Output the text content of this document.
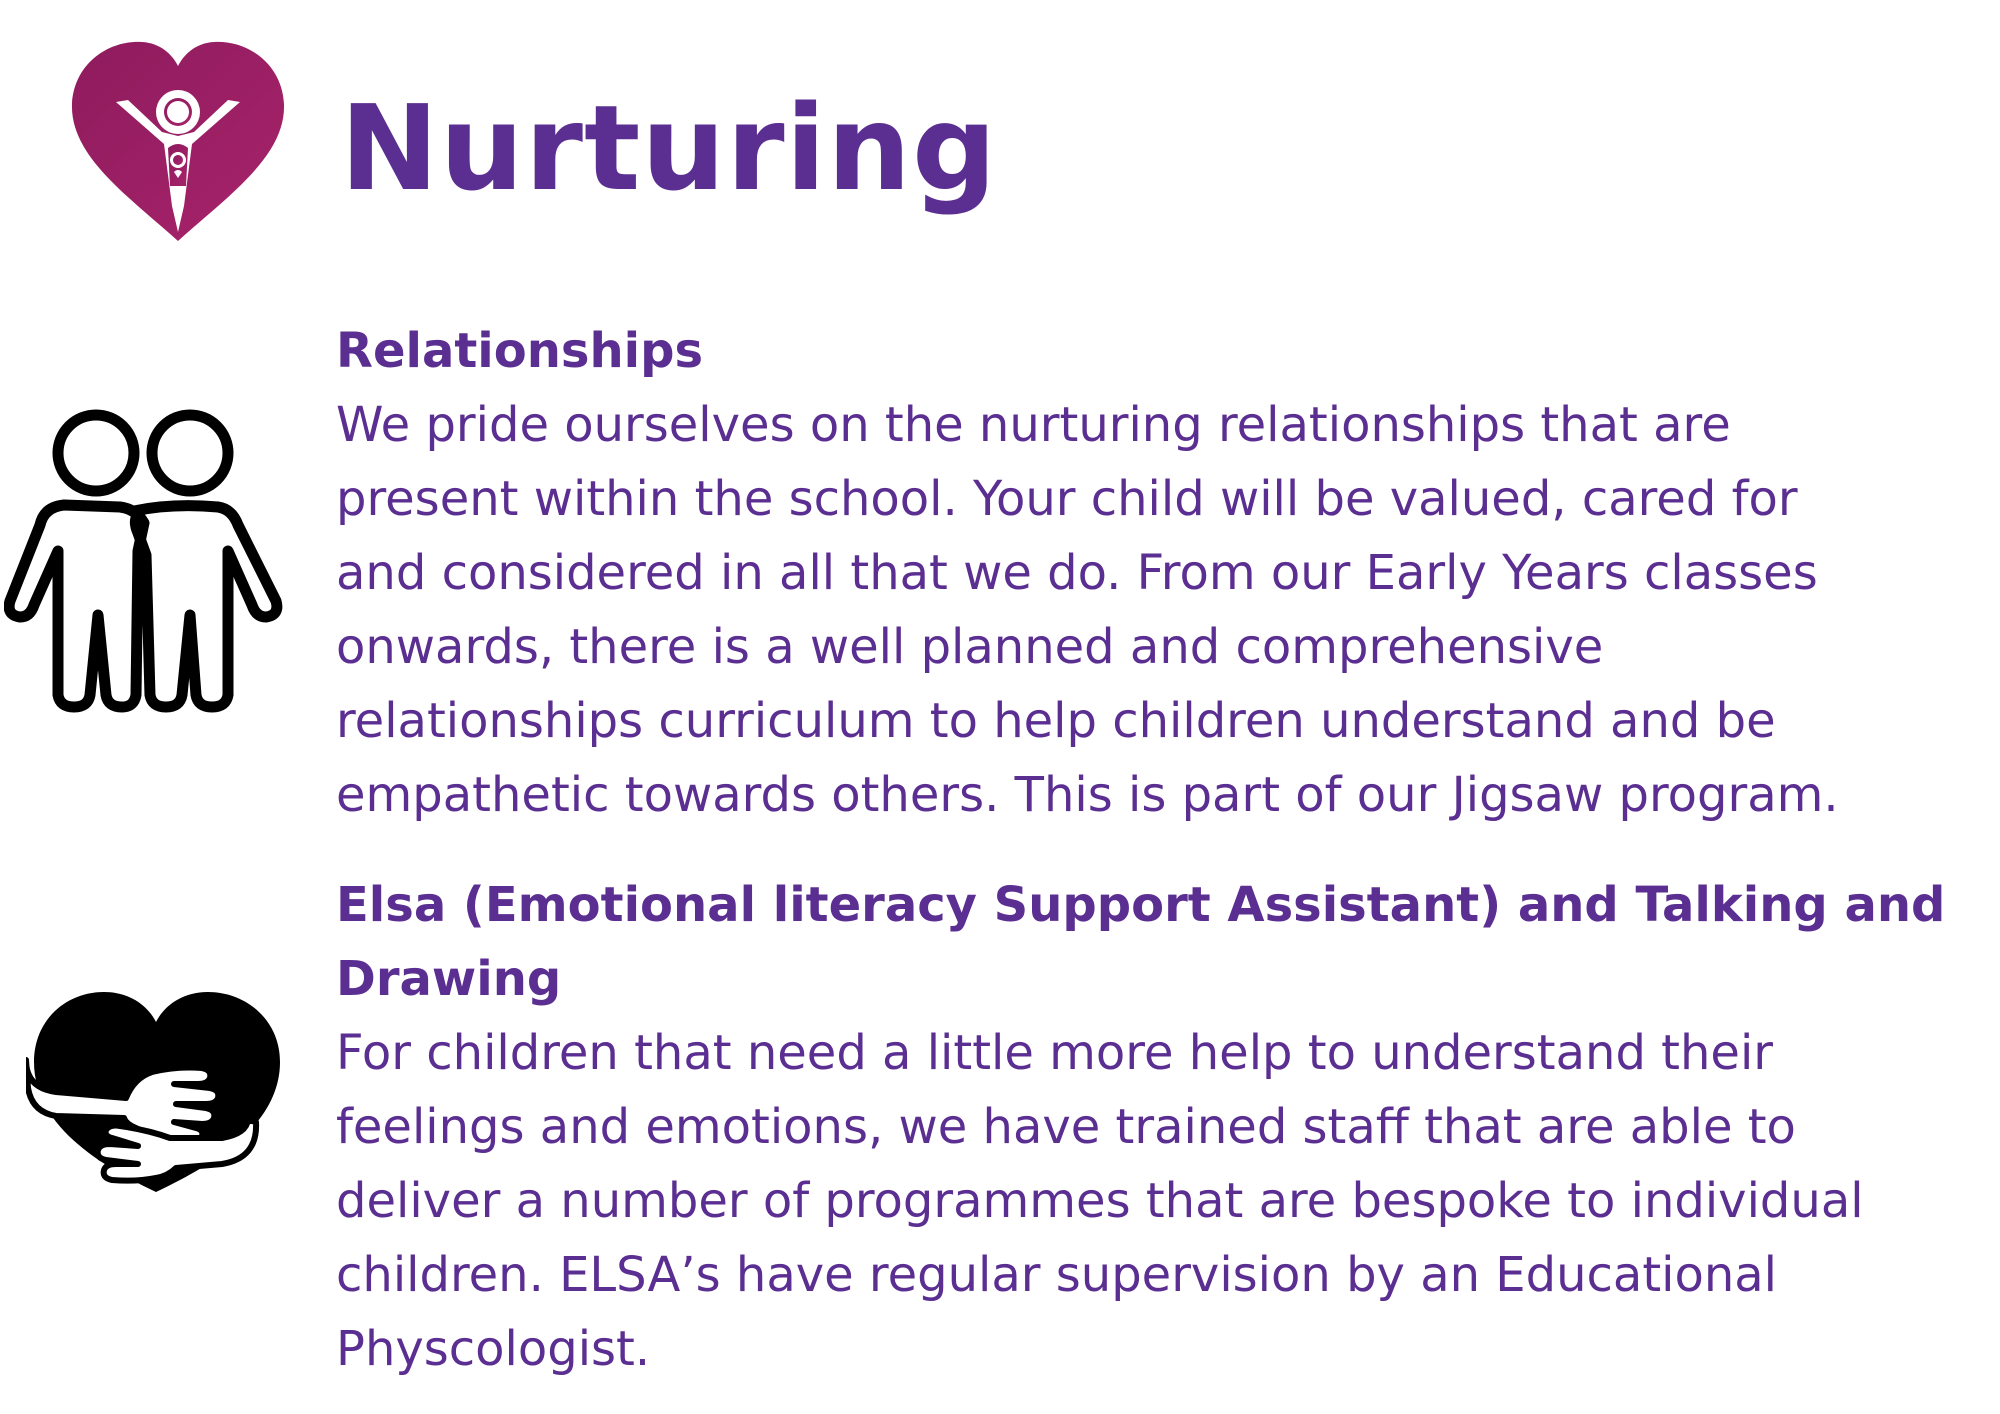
Nurturing
Relationships

We pride ourselves on the nurturing relationships that are
present within the school. Your child will be valued, cared for
and considered in all that we do. From our Early Years classes
onwards, there is a well planned and comprehensive
relationships curriculum to help children understand and be
empathetic towards others. This is part of our Jigsaw program.

Elsa (Emotional literacy Support Assistant) and Talking and
Drawing

For children that need a little more help to understand their
feelings and emotions, we have trained staff that are able to
deliver a number of programmes that are bespoke to individual
children. ELSA’s have regular supervision by an Educational
Physcologist.
